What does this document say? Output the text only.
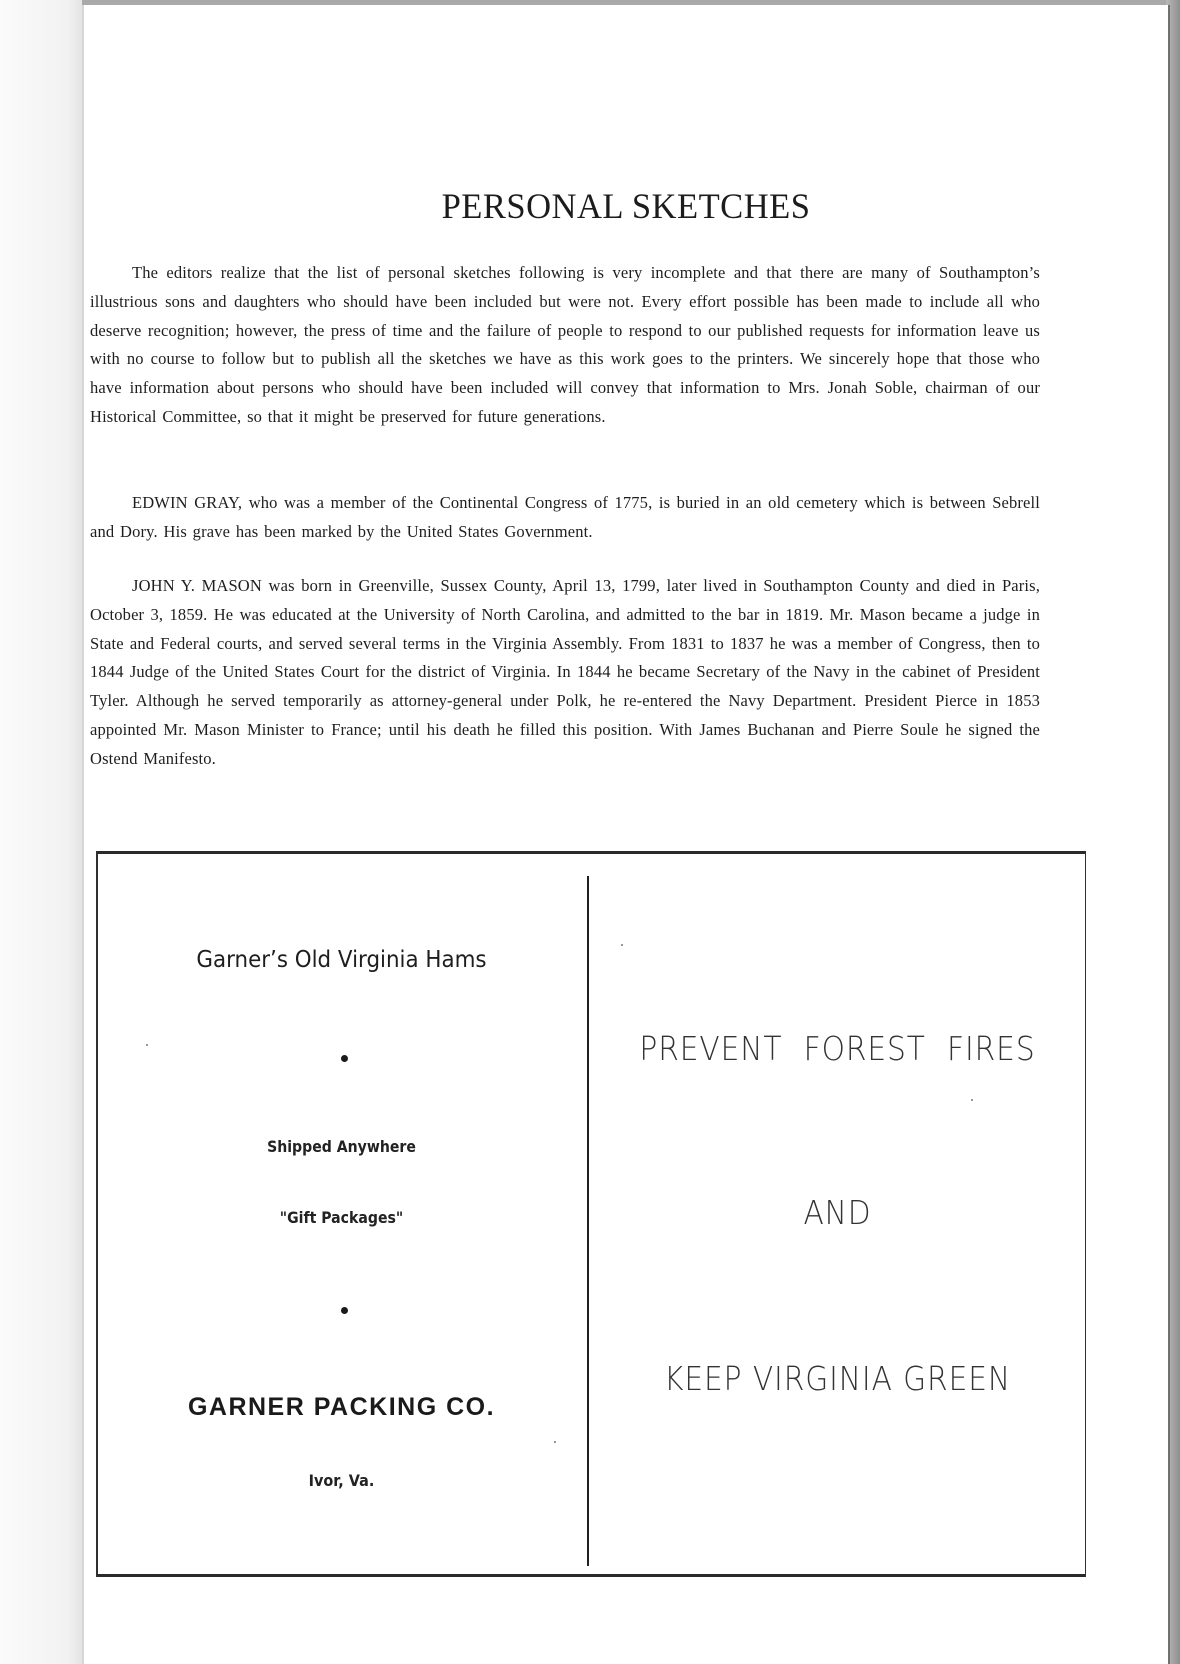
PERSONAL SKETCHES

The editors realize that the list of personal sketches following is very incomplete and that there are many of Southampton’s illustrious sons and daughters who should have been included but were not. Every effort possible has been made to include all who deserve recognition; however, the press of time and the failure of people to respond to our published requests for information leave us with no course to follow but to publish all the sketches we have as this work goes to the printers. We sincerely hope that those who have information about persons who should have been included will convey that information to Mrs. Jonah Soble, chairman of our Historical Committee, so that it might be preserved for future generations.

EDWIN GRAY, who was a member of the Continental Congress of 1775, is buried in an old cemetery which is between Sebrell and Dory. His grave has been marked by the United States Government.

JOHN Y. MASON was born in Greenville, Sussex County, April 13, 1799, later lived in Southampton County and died in Paris, October 3, 1859. He was educated at the University of North Carolina, and admitted to the bar in 1819. Mr. Mason became a judge in State and Federal courts, and served several terms in the Virginia Assembly. From 1831 to 1837 he was a member of Congress, then to 1844 Judge of the United States Court for the district of Virginia. In 1844 he became Secretary of the Navy in the cabinet of President Tyler. Although he served temporarily as attorney-general under Polk, he re-entered the Navy Department. President Pierce in 1853 appointed Mr. Mason Minister to France; until his death he filled this position. With James Buchanan and Pierre Soule he signed the Ostend Manifesto.

Garner’s Old Virginia Hams

Shipped Anywhere

"Gift Packages"

GARNER PACKING CO.

Ivor, Va.

PREVENT FOREST FIRES

AND

KEEP VIRGINIA GREEN
